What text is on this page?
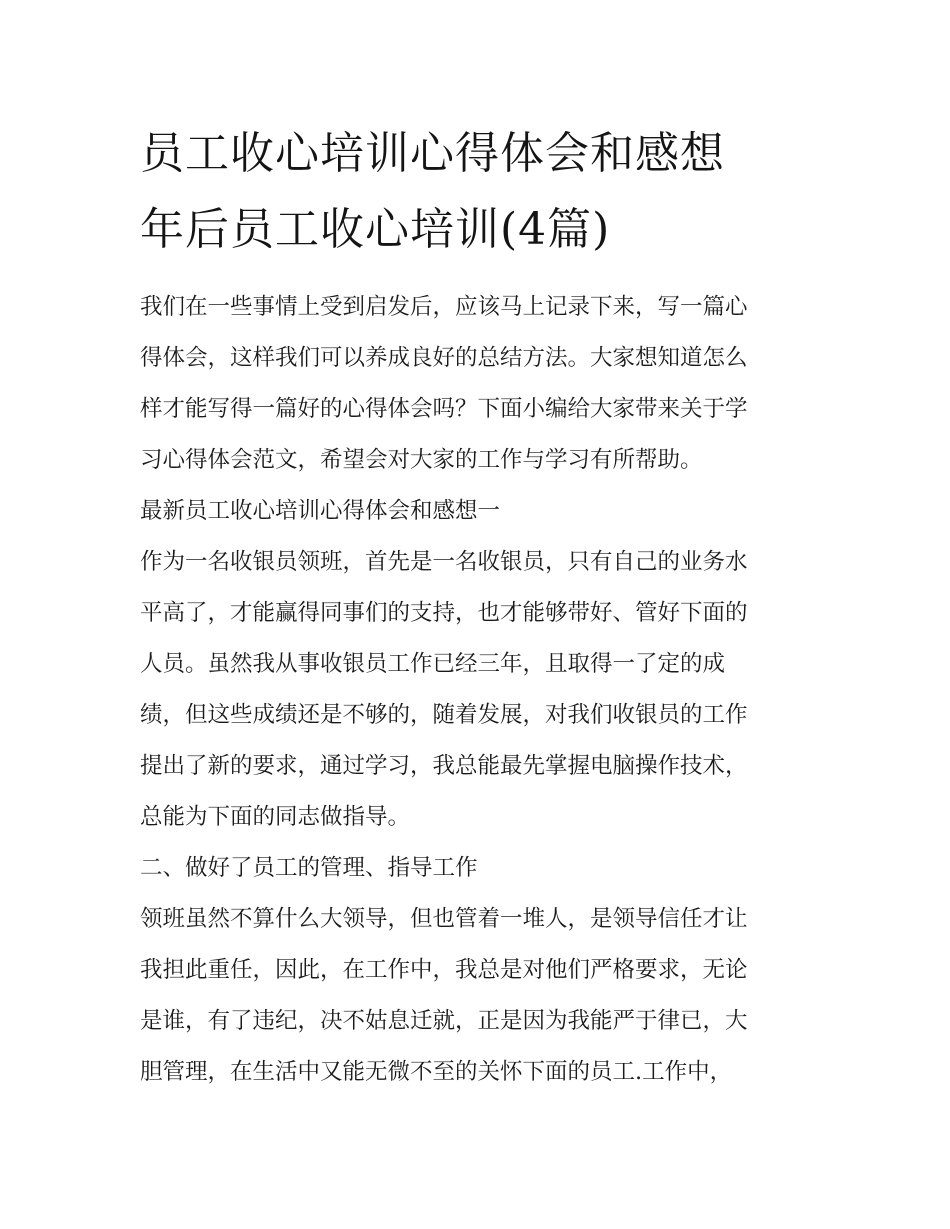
员工收心培训心得体会和感想
年后员工收心培训(4篇)
我们在一些事情上受到启发后，应该马上记录下来，写一篇心
得体会，这样我们可以养成良好的总结方法。大家想知道怎么
样才能写得一篇好的心得体会吗？下面小编给大家带来关于学
习心得体会范文，希望会对大家的工作与学习有所帮助。
最新员工收心培训心得体会和感想一
作为一名收银员领班，首先是一名收银员，只有自己的业务水
平高了，才能赢得同事们的支持，也才能够带好、管好下面的
人员。虽然我从事收银员工作已经三年，且取得一了定的成
绩，但这些成绩还是不够的，随着发展，对我们收银员的工作
提出了新的要求，通过学习，我总能最先掌握电脑操作技术，
总能为下面的同志做指导。
二、做好了员工的管理、指导工作
领班虽然不算什么大领导，但也管着一堆人，是领导信任才让
我担此重任，因此，在工作中，我总是对他们严格要求，无论
是谁，有了违纪，决不姑息迁就，正是因为我能严于律已，大
胆管理，在生活中又能无微不至的关怀下面的员工.工作中，
